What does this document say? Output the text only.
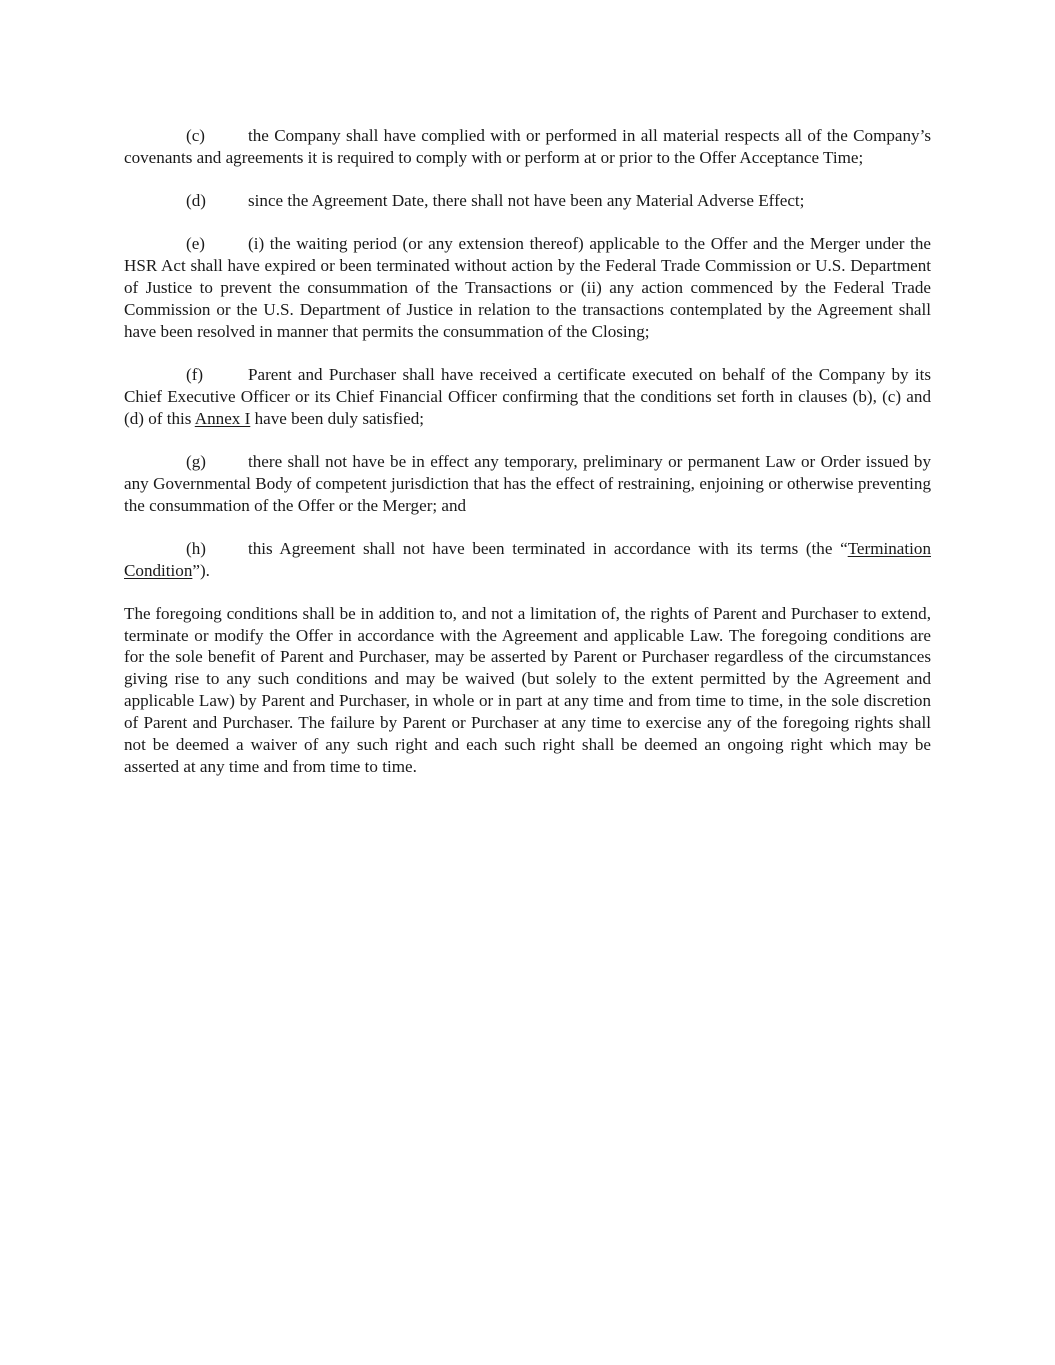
(c)	the Company shall have complied with or performed in all material respects all of the Company’s covenants and agreements it is required to comply with or perform at or prior to the Offer Acceptance Time;

(d) since the Agreement Date, there shall not have been any Material Adverse Effect;

(e)	(i) the waiting period (or any extension thereof) applicable to the Offer and the Merger under the HSR Act shall have expired or been terminated without action by the Federal Trade Commission or U.S. Department of Justice to prevent the consummation of the Transactions or (ii) any action commenced by the Federal Trade Commission or the U.S. Department of Justice in relation to the transactions contemplated by the Agreement shall have been resolved in manner that permits the consummation of the Closing;

(f)	Parent and Purchaser shall have received a certificate executed on behalf of the Company by its Chief Executive Officer or its Chief Financial Officer confirming that the conditions set forth in clauses (b), (c) and (d) of this Annex I have been duly satisfied;

(g) there shall not have be in effect any temporary, preliminary or permanent Law or Order issued by any Governmental Body of competent jurisdiction that has the effect of restraining, enjoining or otherwise preventing the consummation of the Offer or the Merger; and

(h) this Agreement shall not have been terminated in accordance with its terms (the “Termination Condition”).

The foregoing conditions shall be in addition to, and not a limitation of, the rights of Parent and Purchaser to extend, terminate or modify the Offer in accordance with the Agreement and applicable Law. The foregoing conditions are for the sole benefit of Parent and Purchaser, may be asserted by Parent or Purchaser regardless of the circumstances giving rise to any such conditions and may be waived (but solely to the extent permitted by the Agreement and applicable Law) by Parent and Purchaser, in whole or in part at any time and from time to time, in the sole discretion of Parent and Purchaser. The failure by Parent or Purchaser at any time to exercise any of the foregoing rights shall not be deemed a waiver of any such right and each such right shall be deemed an ongoing right which may be asserted at any time and from time to time.
